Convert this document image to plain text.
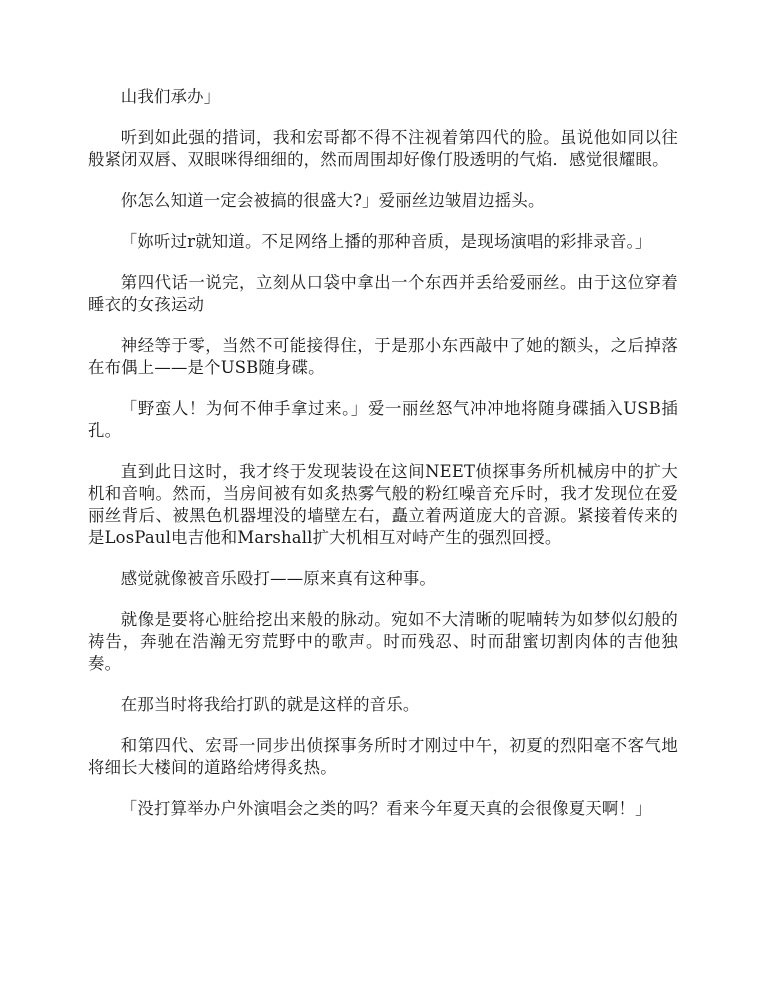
山我们承办」

听到如此强的措词，我和宏哥都不得不注视着第四代的脸。虽说他如同以往般紧闭双唇、双眼咪得细细的，然而周围却好像仃股透明的气焰．感觉很耀眼。

你怎么知道一定会被搞的很盛大?」爱丽丝边皱眉边摇头。

「妳听过r就知道。不足网络上播的那种音质，是现场演唱的彩排录音。」

第四代话一说完，立刻从口袋中拿出一个东西并丢给爱丽丝。由于这位穿着睡衣的女孩运动

神经等于零，当然不可能接得住，于是那小东西敲中了她的额头，之后掉落在布偶上——是个USB随身碟。

「野蛮人！为何不伸手拿过来。」爱一丽丝怒气冲冲地将随身碟插入USB插孔。

直到此日这时，我才终于发现装设在这间NEET侦探事务所机械房中的扩大机和音响。然而，当房间被有如炙热雾气般的粉红噪音充斥时，我才发现位在爱丽丝背后、被黑色机器埋没的墙壁左右，矗立着两道庞大的音源。紧接着传来的是LosPaul电吉他和Marshall扩大机相互对峙产生的强烈回授。

感觉就像被音乐殴打——原来真有这种事。

就像是要将心脏给挖出来般的脉动。宛如不大清晰的呢喃转为如梦似幻般的祷告，奔驰在浩瀚无穷荒野中的歌声。时而残忍、时而甜蜜切割肉体的吉他独奏。

在那当时将我给打趴的就是这样的音乐。

和第四代、宏哥一同步出侦探事务所时才刚过中午，初夏的烈阳毫不客气地将细长大楼间的道路给烤得炙热。

「没打算举办户外演唱会之类的吗？看来今年夏天真的会很像夏天啊！」
